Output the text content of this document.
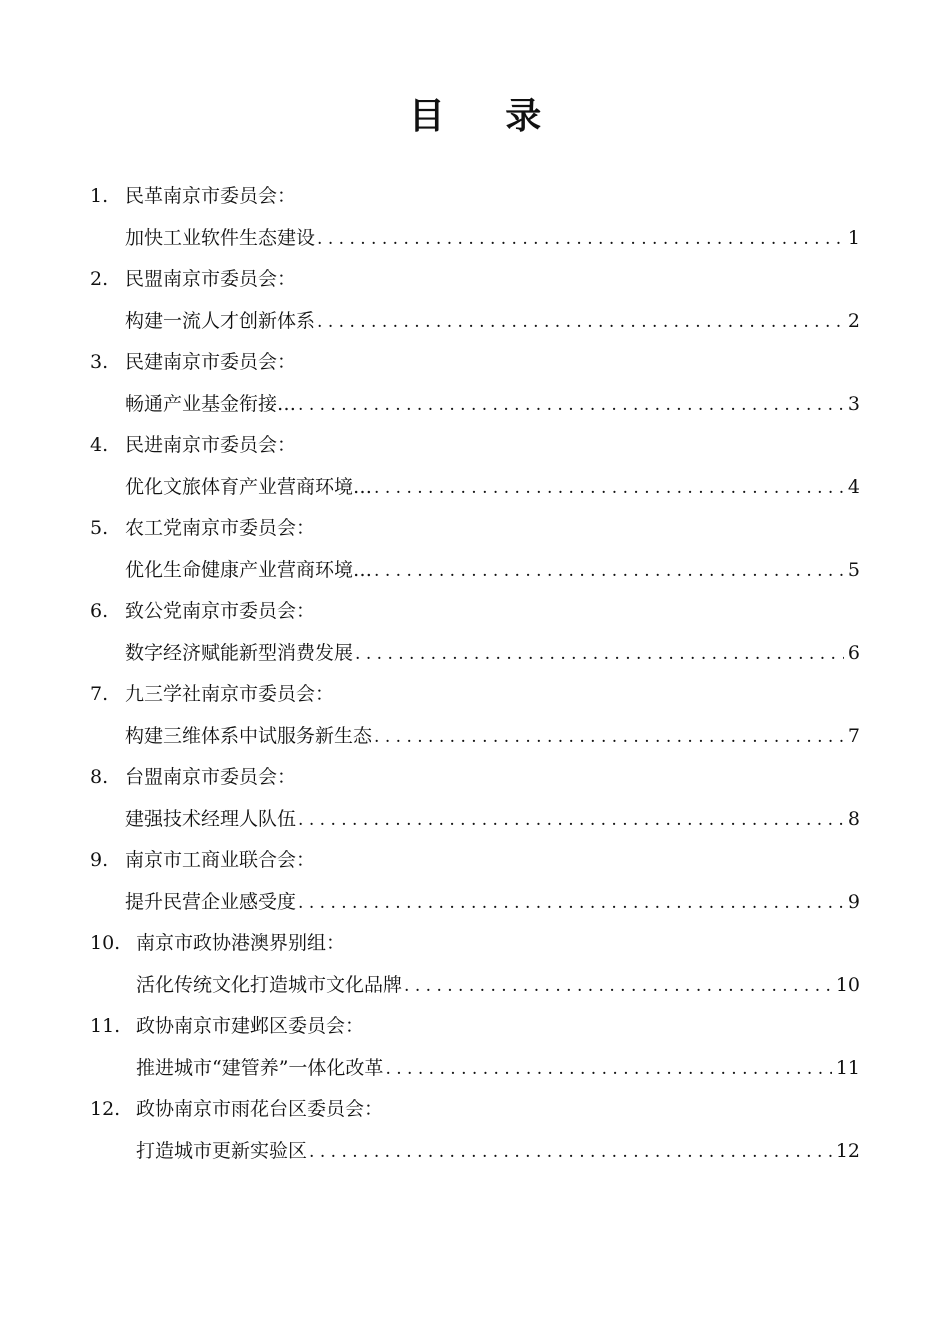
目 录
1. 民革南京市委员会：
加快工业软件生态建设 . . .	1
2. 民盟南京市委员会：
构建一流人才创新体系 . . .	2
3. 民建南京市委员会：
畅通产业基金衔接… . . .	3
4. 民进南京市委员会：
优化文旅体育产业营商环境… . . .	4
5. 农工党南京市委员会：
优化生命健康产业营商环境… . . .	5
6. 致公党南京市委员会：
数字经济赋能新型消费发展 . . .	6
7. 九三学社南京市委员会：
构建三维体系中试服务新生态 . . .	7
8. 台盟南京市委员会：
建强技术经理人队伍 . . .	8
9. 南京市工商业联合会：
提升民营企业感受度 . . .	9
10. 南京市政协港澳界别组：
活化传统文化打造城市文化品牌 . . .	10
11. 政协南京市建邺区委员会：
推进城市“建管养”一体化改革 . . .	11
12. 政协南京市雨花台区委员会：
打造城市更新实验区 . . .	12
